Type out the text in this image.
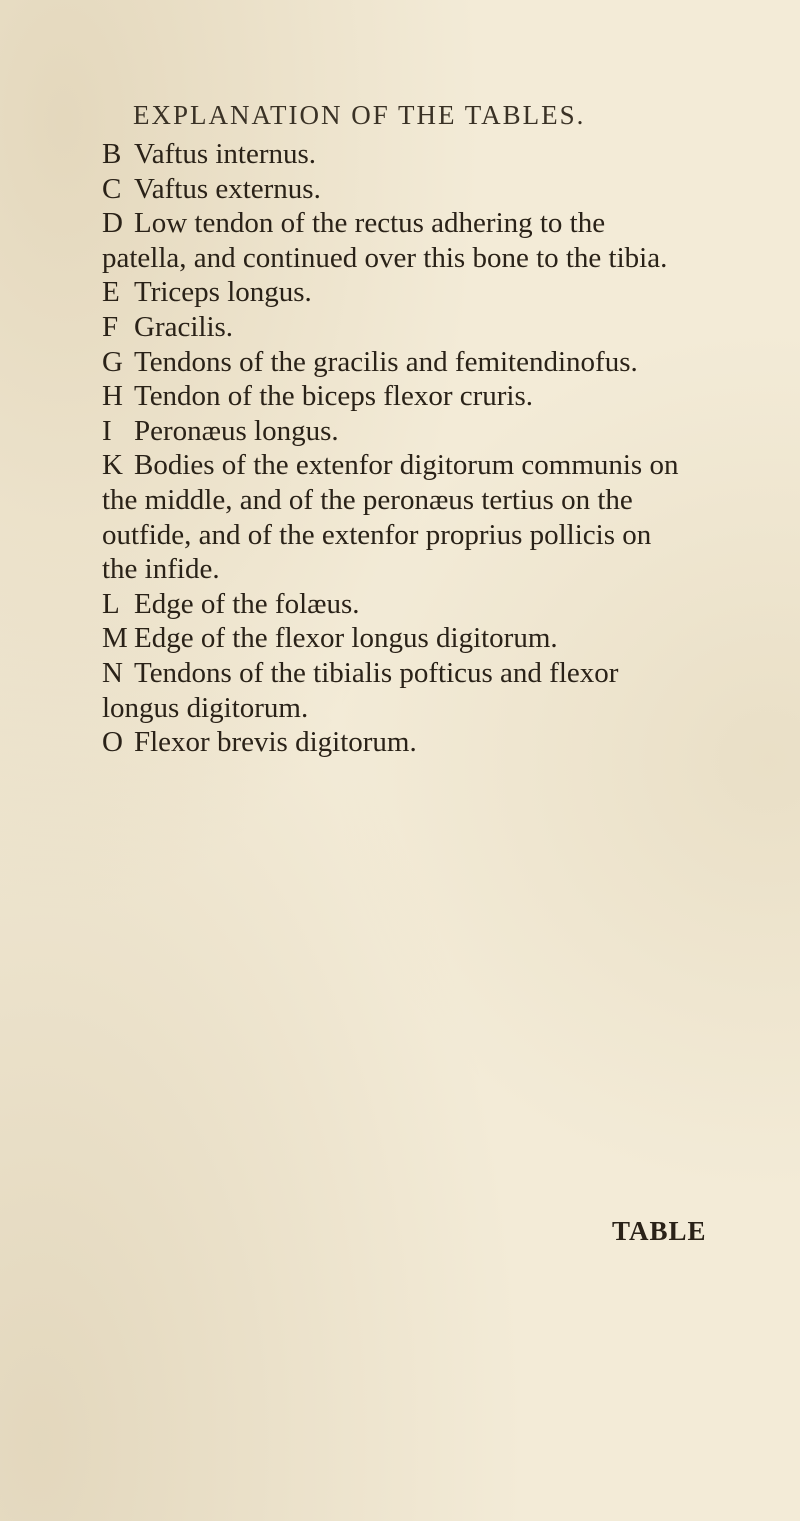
EXPLANATION OF THE TABLES.

B Vaftus internus.

C Vaftus externus.

D Low tendon of the rectus adhering to the patella, and continued over this bone to the tibia.

E Triceps longus.

F Gracilis.

G Tendons of the gracilis and femitendinofus.

H Tendon of the biceps flexor cruris.

I Peronæus longus.

K Bodies of the extenfor digitorum communis on the middle, and of the peronæus tertius on the outfide, and of the extenfor proprius pollicis on the infide.

L Edge of the folæus.

M Edge of the flexor longus digitorum.

N Tendons of the tibialis pofticus and flexor longus digitorum.

O Flexor brevis digitorum.

TABLE
